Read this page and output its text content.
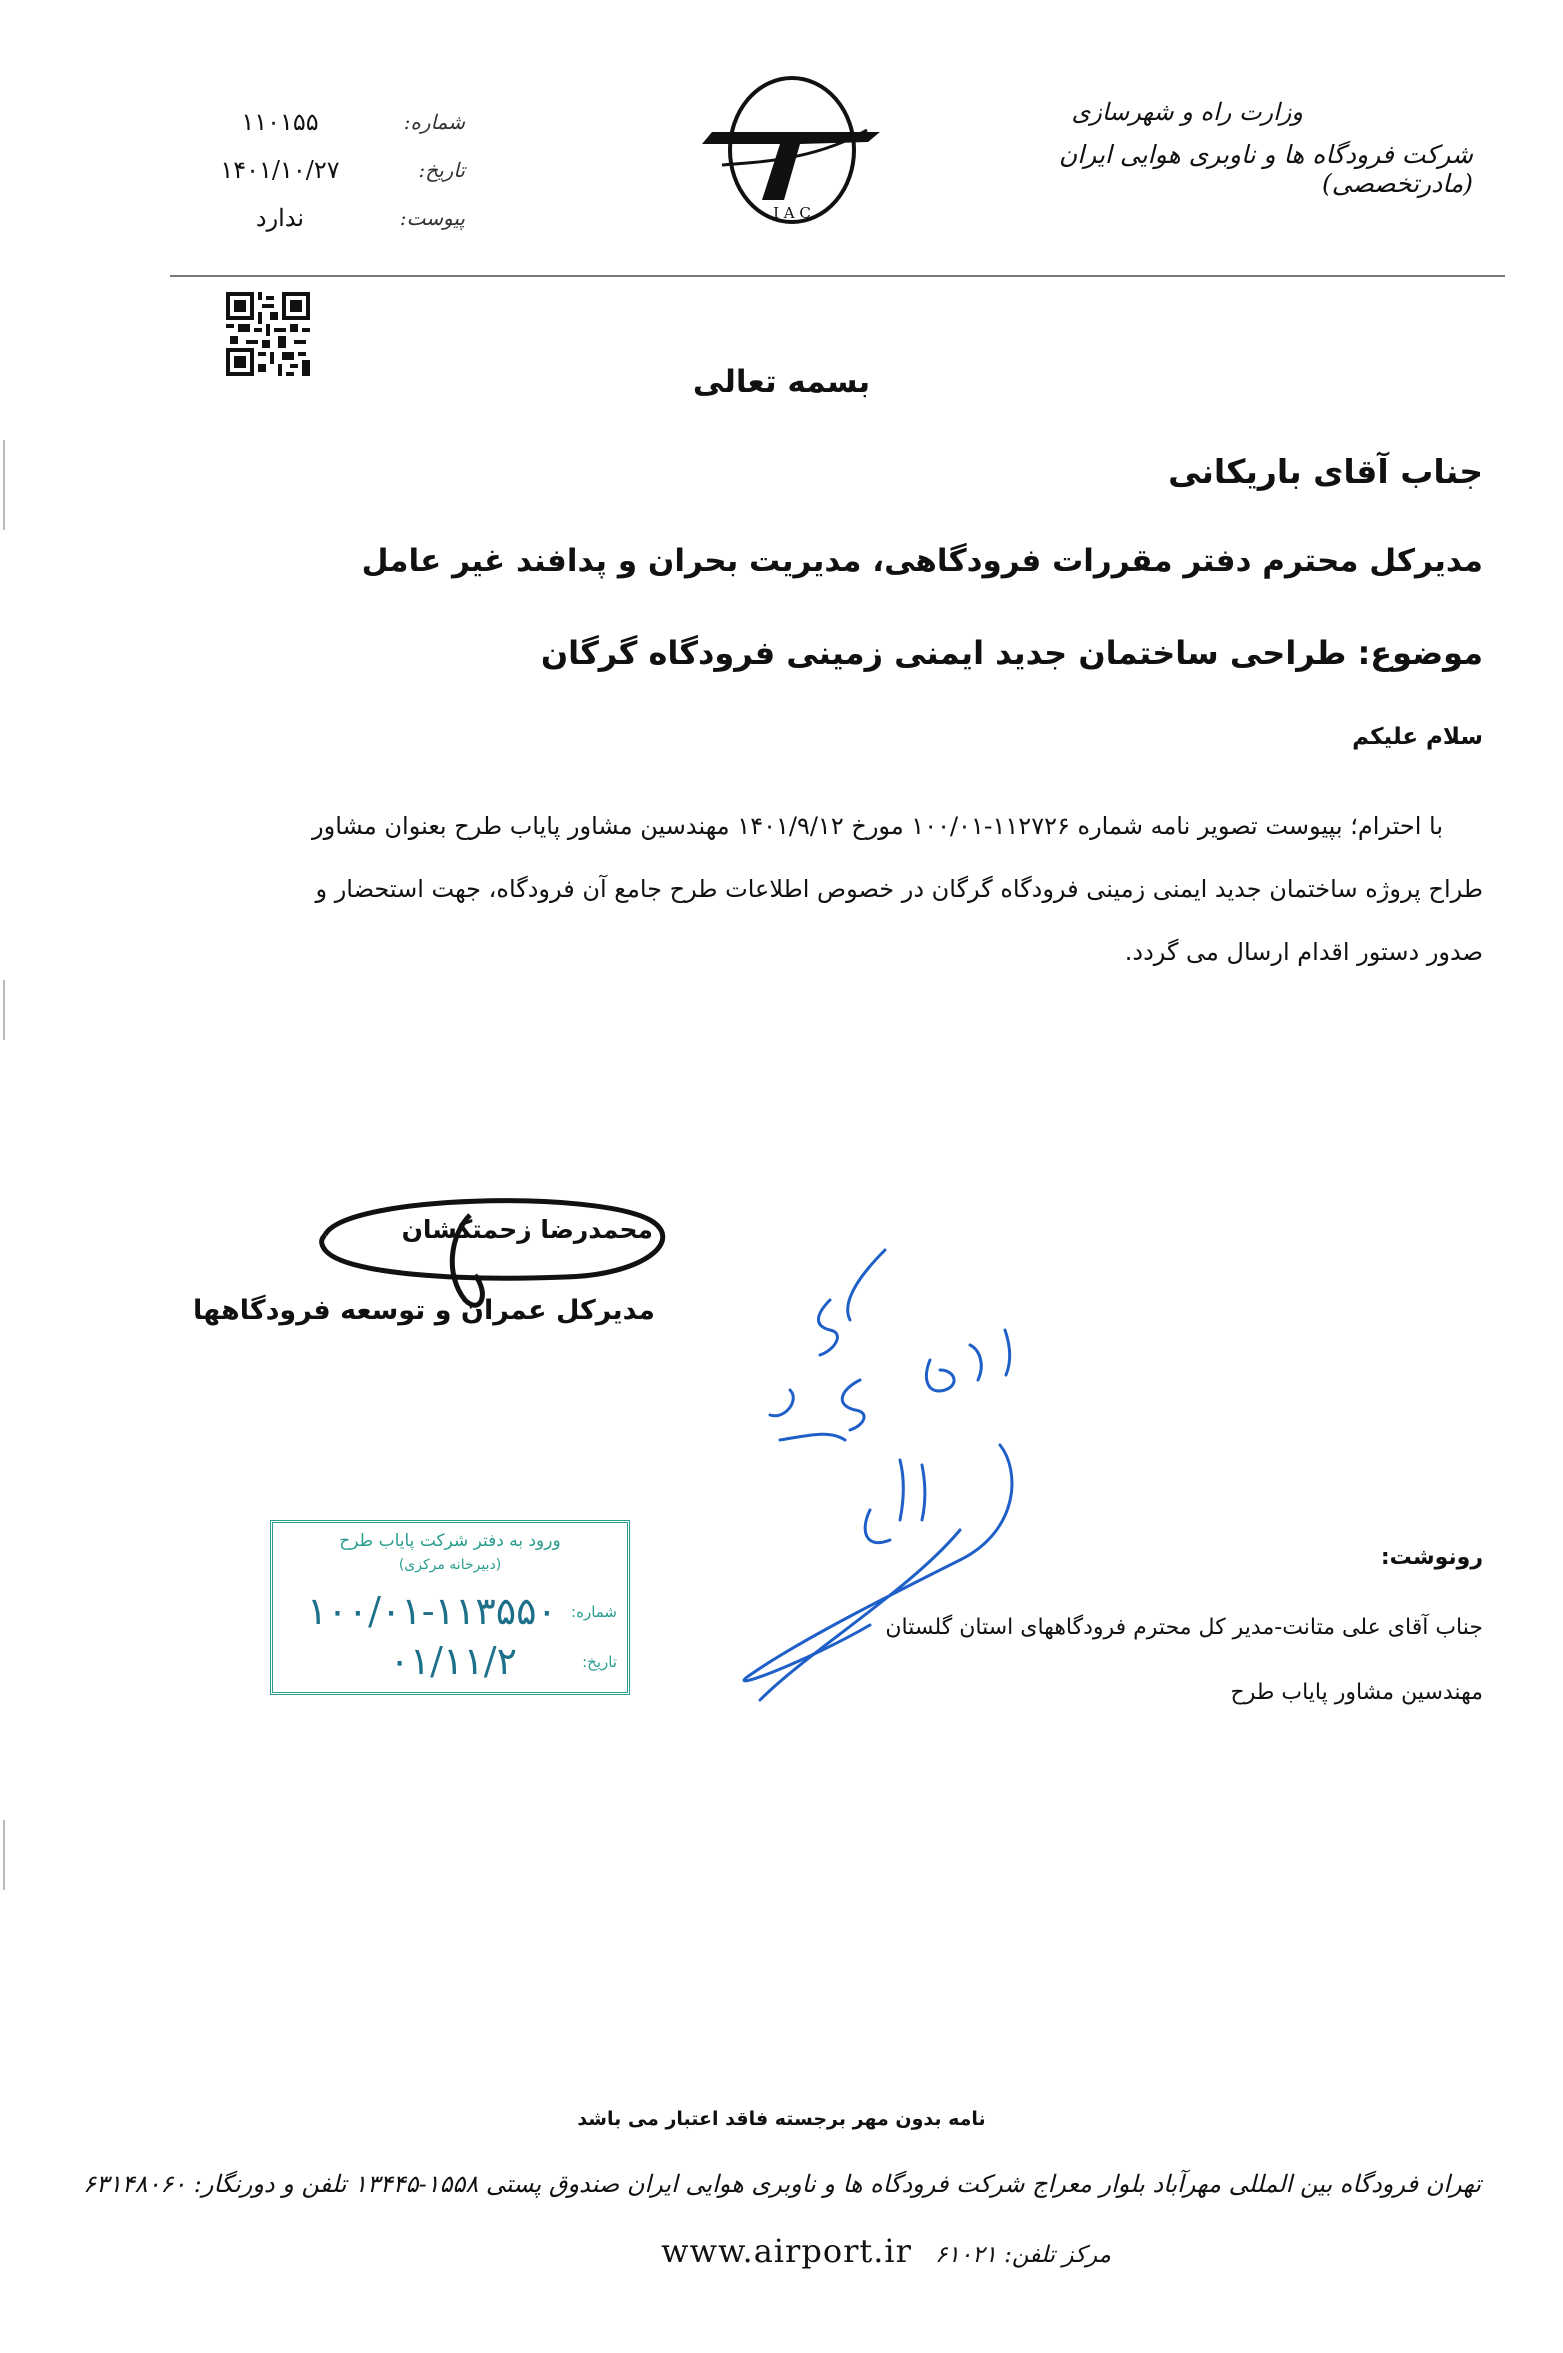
وزارت راه و شهرسازی
شرکت فرودگاه ها و ناوبری هوایی ایران (مادرتخصصی)
I A C
شماره:
۱۱۰۱۵۵
تاریخ:
۱۴۰۱/۱۰/۲۷
پیوست:
ندارد
بسمه تعالی
جناب آقای باریکانی
مدیرکل محترم دفتر مقررات فرودگاهی، مدیریت بحران و پدافند غیر عامل
موضوع: طراحی ساختمان جدید ایمنی زمینی فرودگاه گرگان
سلام علیکم
با احترام؛ بپیوست تصویر نامه شماره ۱۱۲۷۲۶-۱۰۰/۰۱ مورخ ۱۴۰۱/۹/۱۲ مهندسین مشاور پایاب طرح بعنوان مشاور
طراح پروژه ساختمان جدید ایمنی زمینی فرودگاه گرگان در خصوص اطلاعات طرح جامع آن فرودگاه، جهت استحضار و
صدور دستور اقدام ارسال می گردد.
محمدرضا زحمتکشان
مدیرکل عمران و توسعه فرودگاهها
ورود به دفتر شرکت پایاب طرح
(دبیرخانه مرکزی)
شماره:
۱۰۰/۰۱-۱۱۳۵۵۰
تاریخ:
۰۱/۱۱/۲
رونوشت:
جناب آقای علی متانت-مدیر کل محترم فرودگاههای استان گلستان
مهندسین مشاور پایاب طرح
نامه بدون مهر برجسته فاقد اعتبار می باشد
تهران فرودگاه بین المللی مهرآباد بلوار معراج شرکت فرودگاه ها و ناوبری هوایی ایران صندوق پستی ۱۵۵۸-۱۳۴۴۵ تلفن و دورنگار: ۶۳۱۴۸۰۶۰
مرکز تلفن: ۶۱۰۲۱ www.airport.ir
